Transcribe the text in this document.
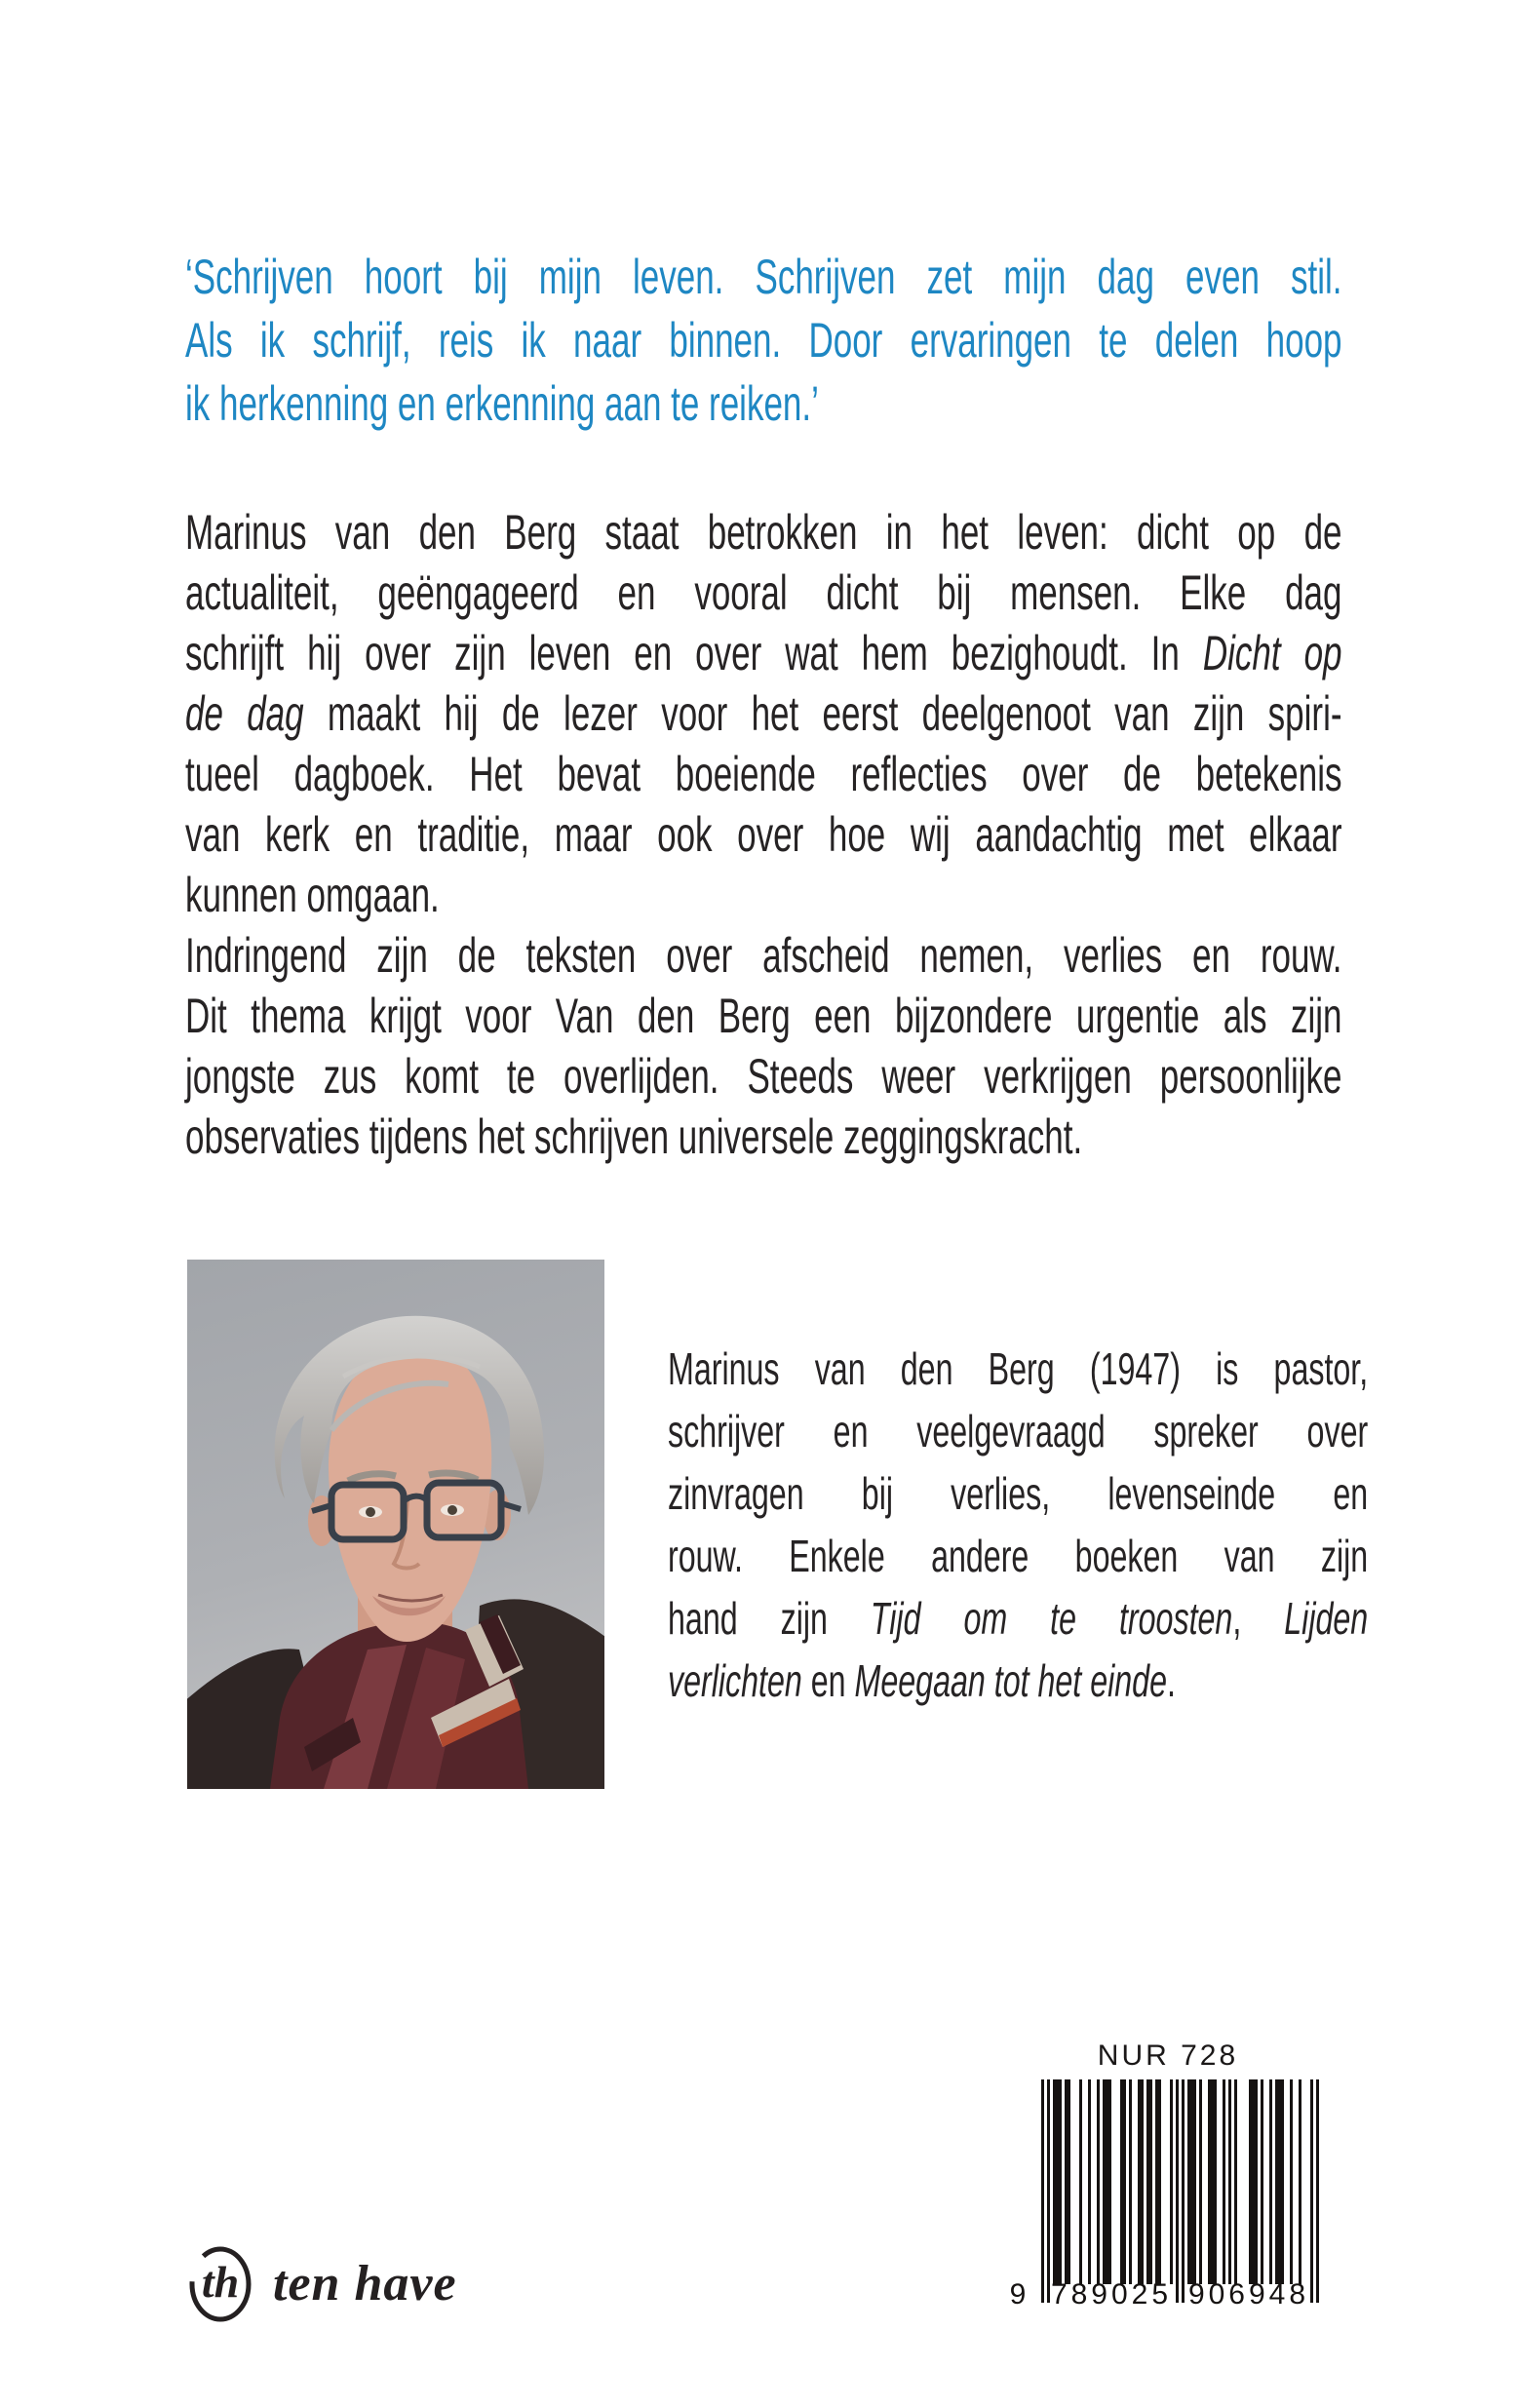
‘Schrijven hoort bij mijn leven. Schrijven zet mijn dag even stil.
Als ik schrijf, reis ik naar binnen. Door ervaringen te delen hoop
ik herkenning en erkenning aan te reiken.’
Marinus van den Berg staat betrokken in het leven: dicht op de
actualiteit, geëngageerd en vooral dicht bij mensen. Elke dag
schrijft hij over zijn leven en over wat hem bezighoudt. In Dicht op
de dag maakt hij de lezer voor het eerst deelgenoot van zijn spiri-
tueel dagboek. Het bevat boeiende reflecties over de betekenis
van kerk en traditie, maar ook over hoe wij aandachtig met elkaar
kunnen omgaan.
Indringend zijn de teksten over afscheid nemen, verlies en rouw.
Dit thema krijgt voor Van den Berg een bijzondere urgentie als zijn
jongste zus komt te overlijden. Steeds weer verkrijgen persoonlijke
observaties tijdens het schrijven universele zeggingskracht.
Marinus van den Berg (1947) is pastor,
schrijver en veelgevraagd spreker over
zinvragen bij verlies, levenseinde en
rouw. Enkele andere boeken van zijn
hand zijn Tijd om te troosten, Lijden
verlichten en Meegaan tot het einde.
NUR 728
9 789025 906948
th ten have
